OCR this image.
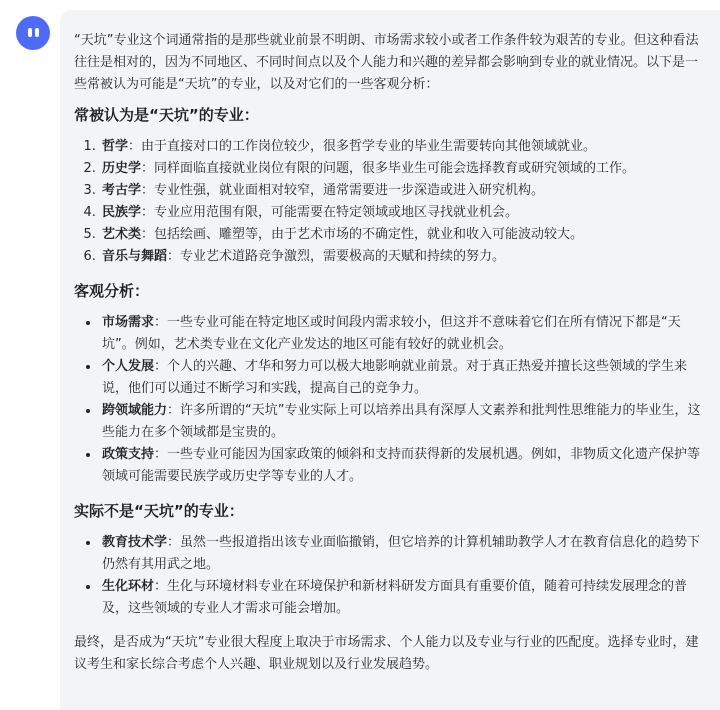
“天坑”专业这个词通常指的是那些就业前景不明朗、市场需求较小或者工作条件较为艰苦的专业。但这种看法往往是相对的，因为不同地区、不同时间点以及个人能力和兴趣的差异都会影响到专业的就业情况。以下是一些常被认为可能是“天坑”的专业，以及对它们的一些客观分析：

常被认为是“天坑”的专业：
1. 哲学：由于直接对口的工作岗位较少，很多哲学专业的毕业生需要转向其他领域就业。
2. 历史学：同样面临直接就业岗位有限的问题，很多毕业生可能会选择教育或研究领域的工作。
3. 考古学：专业性强，就业面相对较窄，通常需要进一步深造或进入研究机构。
4. 民族学：专业应用范围有限，可能需要在特定领域或地区寻找就业机会。
5. 艺术类：包括绘画、雕塑等，由于艺术市场的不确定性，就业和收入可能波动较大。
6. 音乐与舞蹈：专业艺术道路竞争激烈，需要极高的天赋和持续的努力。
客观分析：
• 市场需求：一些专业可能在特定地区或时间段内需求较小，但这并不意味着它们在所有情况下都是“天坑”。例如，艺术类专业在文化产业发达的地区可能有较好的就业机会。
• 个人发展：个人的兴趣、才华和努力可以极大地影响就业前景。对于真正热爱并擅长这些领域的学生来说，他们可以通过不断学习和实践，提高自己的竞争力。
• 跨领域能力：许多所谓的“天坑”专业实际上可以培养出具有深厚人文素养和批判性思维能力的毕业生，这些能力在多个领域都是宝贵的。
• 政策支持：一些专业可能因为国家政策的倾斜和支持而获得新的发展机遇。例如，非物质文化遗产保护等领域可能需要民族学或历史学等专业的人才。
实际不是“天坑”的专业：
• 教育技术学：虽然一些报道指出该专业面临撤销，但它培养的计算机辅助教学人才在教育信息化的趋势下仍然有其用武之地。
• 生化环材：生化与环境材料专业在环境保护和新材料研发方面具有重要价值，随着可持续发展理念的普及，这些领域的专业人才需求可能会增加。

最终，是否成为“天坑”专业很大程度上取决于市场需求、个人能力以及专业与行业的匹配度。选择专业时，建议考生和家长综合考虑个人兴趣、职业规划以及行业发展趋势。
